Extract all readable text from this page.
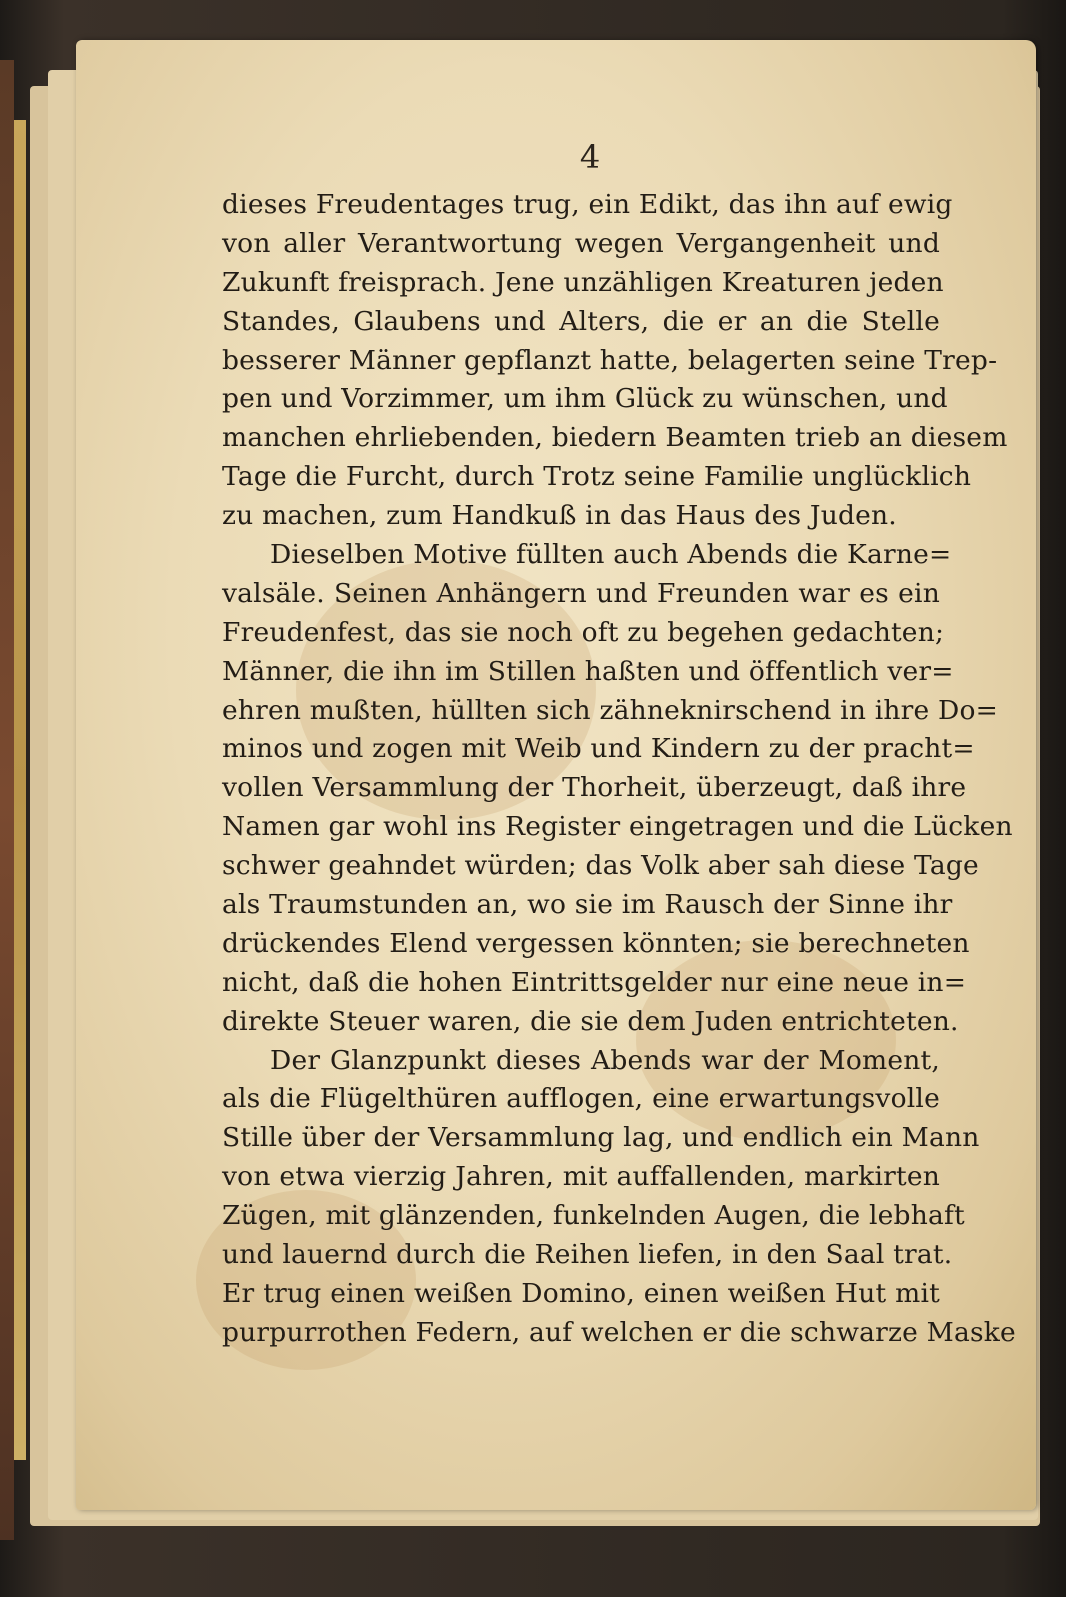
4
dieses Freudentages trug, ein Edikt, das ihn auf ewig
von aller Verantwortung wegen Vergangenheit und
Zukunft freisprach. Jene unzähligen Kreaturen jeden
Standes, Glaubens und Alters, die er an die Stelle
besserer Männer gepflanzt hatte, belagerten seine Trep-
pen und Vorzimmer, um ihm Glück zu wünschen, und
manchen ehrliebenden, biedern Beamten trieb an diesem
Tage die Furcht, durch Trotz seine Familie unglücklich
zu machen, zum Handkuß in das Haus des Juden.
Dieselben Motive füllten auch Abends die Karne=
valsäle. Seinen Anhängern und Freunden war es ein
Freudenfest, das sie noch oft zu begehen gedachten;
Männer, die ihn im Stillen haßten und öffentlich ver=
ehren mußten, hüllten sich zähneknirschend in ihre Do=
minos und zogen mit Weib und Kindern zu der pracht=
vollen Versammlung der Thorheit, überzeugt, daß ihre
Namen gar wohl ins Register eingetragen und die Lücken
schwer geahndet würden; das Volk aber sah diese Tage
als Traumstunden an, wo sie im Rausch der Sinne ihr
drückendes Elend vergessen könnten; sie berechneten
nicht, daß die hohen Eintrittsgelder nur eine neue in=
direkte Steuer waren, die sie dem Juden entrichteten.
Der Glanzpunkt dieses Abends war der Moment,
als die Flügelthüren aufflogen, eine erwartungsvolle
Stille über der Versammlung lag, und endlich ein Mann
von etwa vierzig Jahren, mit auffallenden, markirten
Zügen, mit glänzenden, funkelnden Augen, die lebhaft
und lauernd durch die Reihen liefen, in den Saal trat.
Er trug einen weißen Domino, einen weißen Hut mit
purpurrothen Federn, auf welchen er die schwarze Maske
